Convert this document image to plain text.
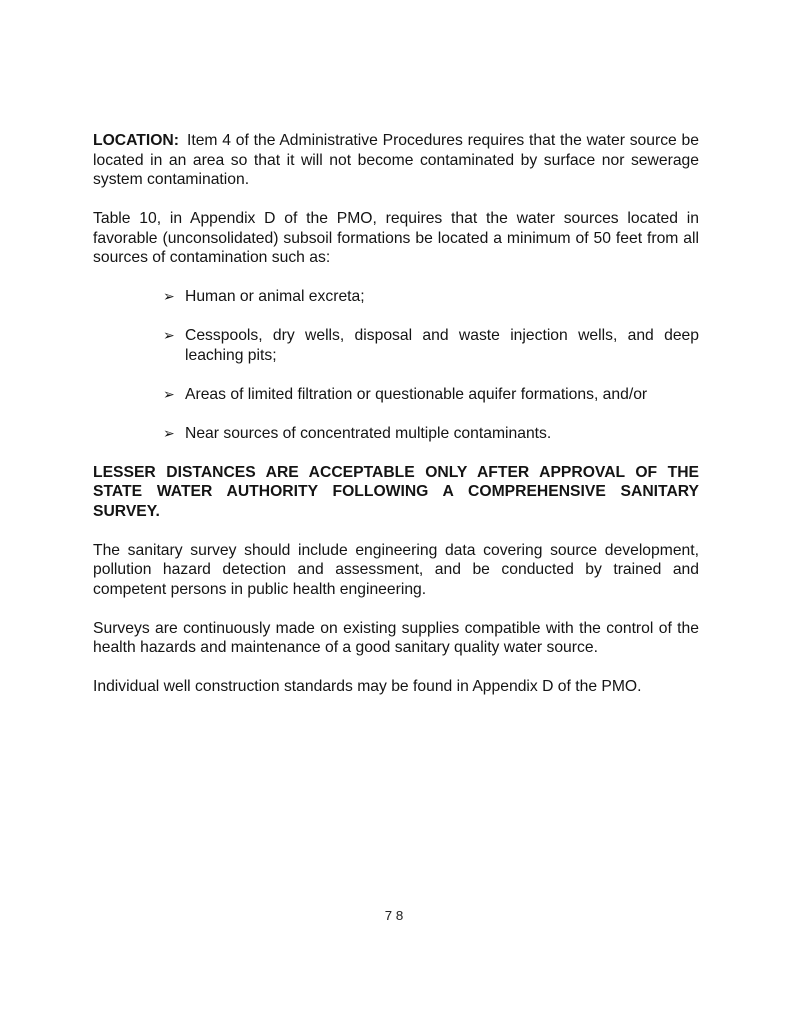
LOCATION: Item 4 of the Administrative Procedures requires that the water source be located in an area so that it will not become contaminated by surface nor sewerage system contamination.

Table 10, in Appendix D of the PMO, requires that the water sources located in favorable (unconsolidated) subsoil formations be located a minimum of 50 feet from all sources of contamination such as:

➢ Human or animal excreta;
➢ Cesspools, dry wells, disposal and waste injection wells, and deep leaching pits;
➢ Areas of limited filtration or questionable aquifer formations, and/or
➢ Near sources of concentrated multiple contaminants.

LESSER DISTANCES ARE ACCEPTABLE ONLY AFTER APPROVAL OF THE STATE WATER AUTHORITY FOLLOWING A COMPREHENSIVE SANITARY SURVEY.

The sanitary survey should include engineering data covering source development, pollution hazard detection and assessment, and be conducted by trained and competent persons in public health engineering.

Surveys are continuously made on existing supplies compatible with the control of the health hazards and maintenance of a good sanitary quality water source.

Individual well construction standards may be found in Appendix D of the PMO.

78
